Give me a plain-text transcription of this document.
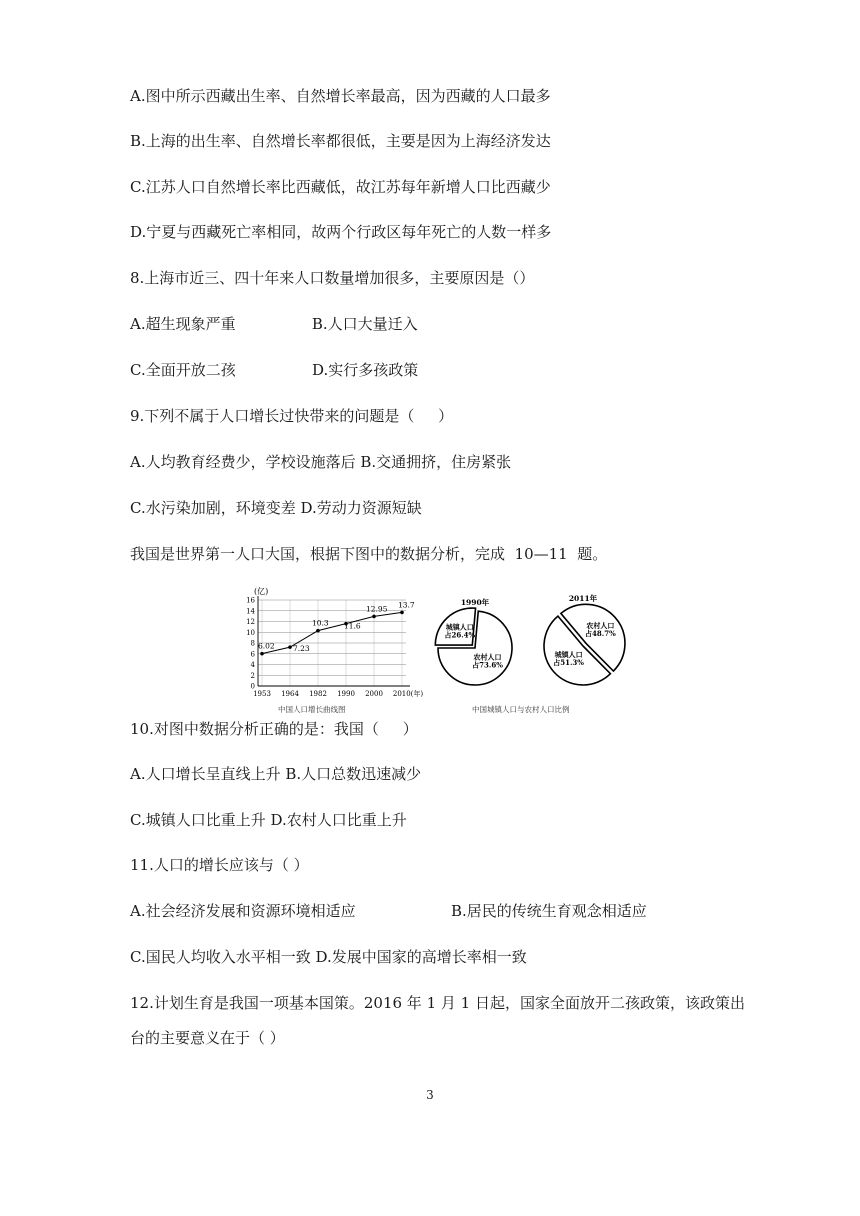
A.图中所示西藏出生率、自然增长率最高，因为西藏的人口最多
B.上海的出生率、自然增长率都很低，主要是因为上海经济发达
C.江苏人口自然增长率比西藏低，故江苏每年新增人口比西藏少
D.宁夏与西藏死亡率相同，故两个行政区每年死亡的人数一样多
8.上海市近三、四十年来人口数量增加很多，主要原因是（）
A.超生现象严重                B.人口大量迁入
C.全面开放二孩                D.实行多孩政策
9.下列不属于人口增长过快带来的问题是（     ）
A.人均教育经费少，学校设施落后 B.交通拥挤，住房紧张
C.水污染加剧，环境变差 D.劳动力资源短缺
我国是世界第一人口大国，根据下图中的数据分析，完成  10—11  题。
(亿)
0
2
4
6
8
10
12
14
16
1953 1964 1982 1990 2000 2010(年)
6.02 7.23
10.3 11.6
12.95 13.7	1990年
城镇人口
占26.4%
农村人口
占73.6%
2011年
农村人口
占48.7%
城镇人口
占51.3%
中国人口增长曲线图	中国城镇人口与农村人口比例
10.对图中数据分析正确的是：我国（     ）
A.人口增长呈直线上升 B.人口总数迅速减少
C.城镇人口比重上升 D.农村人口比重上升
11.人口的增长应该与（ ）
A.社会经济发展和资源环境相适应                    B.居民的传统生育观念相适应
C.国民人均收入水平相一致 D.发展中国家的高增长率相一致
12.计划生育是我国一项基本国策。2016 年 1 月 1 日起，国家全面放开二孩政策，该政策出
台的主要意义在于（ ）
3
